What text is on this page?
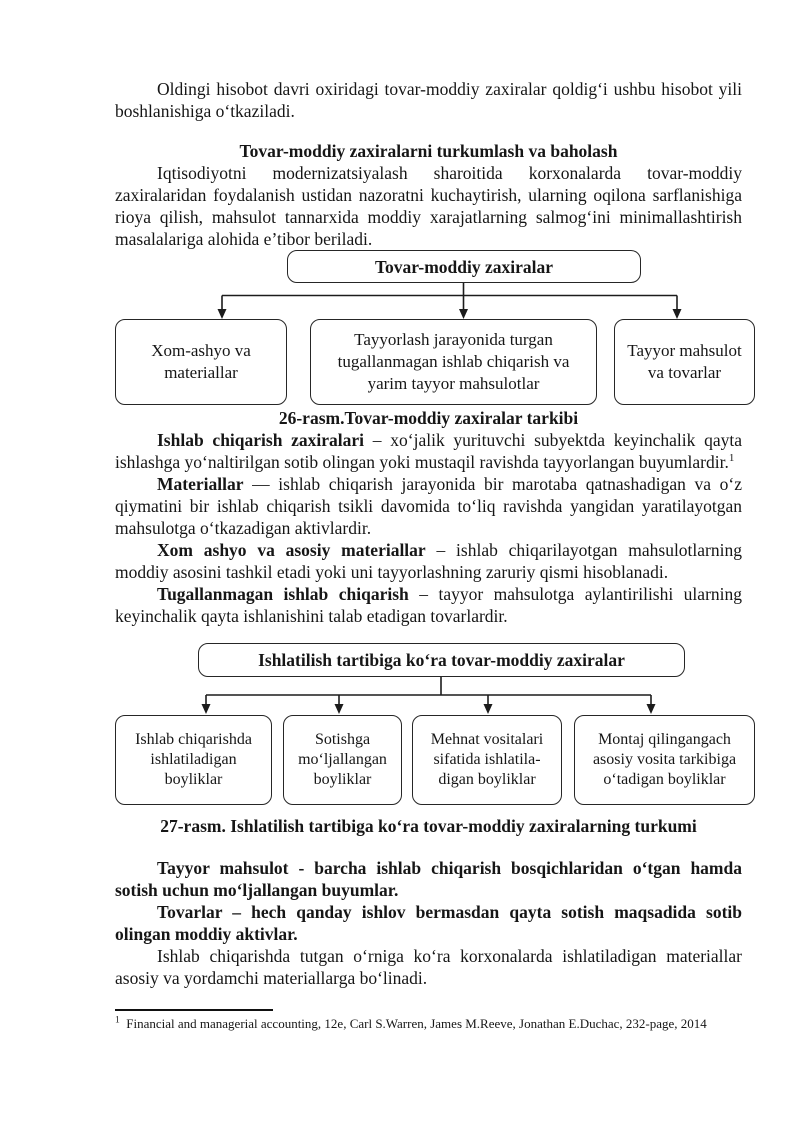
Oldingi hisobot davri oxiridagi tovar-moddiy zaxiralar qoldig‘i ushbu hisobot yili boshlanishiga o‘tkaziladi.

Tovar-moddiy zaxiralarni turkumlash va baholash

Iqtisodiyotni modernizatsiyalash sharoitida korxonalarda tovar-moddiy zaxiralaridan foydalanish ustidan nazoratni kuchaytirish, ularning oqilona sarflanishiga rioya qilish, mahsulot tannarxida moddiy xarajatlarning salmog‘ini minimallashtirish masalalariga alohida e’tibor beriladi.

Tovar-moddiy zaxiralar
Xom-ashyo va materiallar
Tayyorlash jarayonida turgan tugallanmagan ishlab chiqarish va yarim tayyor mahsulotlar
Tayyor mahsulot va tovarlar

26-rasm.Tovar-moddiy zaxiralar tarkibi

Ishlab chiqarish zaxiralari – xo‘jalik yurituvchi subyektda keyinchalik qayta ishlashga yo‘naltirilgan sotib olingan yoki mustaqil ravishda tayyorlangan buyumlardir.$^1$

Materiallar — ishlab chiqarish jarayonida bir marotaba qatnashadigan va o‘z qiymatini bir ishlab chiqarish tsikli davomida to‘liq ravishda yangidan yaratilayotgan mahsulotga o‘tkazadigan aktivlardir.

Xom ashyo va asosiy materiallar – ishlab chiqarilayotgan mahsulotlarning moddiy asosini tashkil etadi yoki uni tayyorlashning zaruriy qismi hisoblanadi.

Tugallanmagan ishlab chiqarish – tayyor mahsulotga aylantirilishi ularning keyinchalik qayta ishlanishini talab etadigan tovarlardir.

Ishlatilish tartibiga ko‘ra tovar-moddiy zaxiralar
Ishlab chiqarishda ishlatiladigan boyliklar
Sotishga mo‘ljallangan boyliklar
Mehnat vositalari sifatida ishlatila- digan boyliklar
Montaj qilingangach asosiy vosita tarkibiga o‘tadigan boyliklar

27-rasm. Ishlatilish tartibiga ko‘ra tovar-moddiy zaxiralarning turkumi

Tayyor mahsulot - barcha ishlab chiqarish bosqichlaridan o‘tgan hamda sotish uchun mo‘ljallangan buyumlar.

Tovarlar – hech qanday ishlov bermasdan qayta sotish maqsadida sotib olingan moddiy aktivlar.

Ishlab chiqarishda tutgan o‘rniga ko‘ra korxonalarda ishlatiladigan materiallar asosiy va yordamchi materiallarga bo‘linadi.

$^1$ Financial and managerial accounting, 12e, Carl S.Warren, James M.Reeve, Jonathan E.Duchac, 232-page, 2014
